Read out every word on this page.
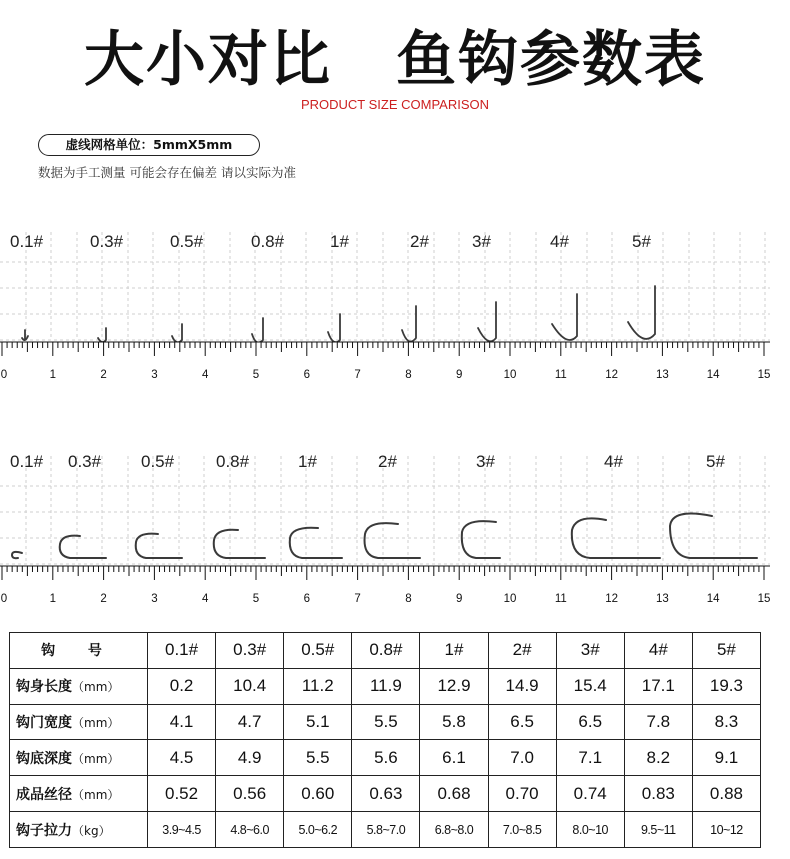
大小对比 鱼钩参数表
PRODUCT SIZE COMPARISON
虚线网格单位：5mmX5mm
数据为手工测量 可能会存在偏差 请以实际为准
0.1#	0.3#	0.5#	0.8#	1#	2#	3#	4#	5#
0	1	2	3	4	5	6	7	8	9	10	11	12	13	14	15
0.1# 0.3# 0.5# 0.8#	1#	2#	3#	4#	5#
0	1	2	3	4	5	6	7	8	9	10	11	12	13	14	15
钩 号	0.1#	0.3#	0.5#	0.8#	1#	2#	3#	4#	5#
钩身长度（mm）	0.2	10.4	11.2	11.9	12.9	14.9	15.4	17.1	19.3
钩门宽度（mm）	4.1	4.7	5.1	5.5	5.8	6.5	6.5	7.8	8.3
钩底深度（mm）	4.5	4.9	5.5	5.6	6.1	7.0	7.1	8.2	9.1
成品丝径（mm）	0.52	0.56	0.60	0.63	0.68	0.70	0.74	0.83	0.88
钩子拉力（kg）	3.9~4.5	4.8~6.0	5.0~6.2	5.8~7.0	6.8~8.0	7.0~8.5	8.0~10	9.5~11	10~12
